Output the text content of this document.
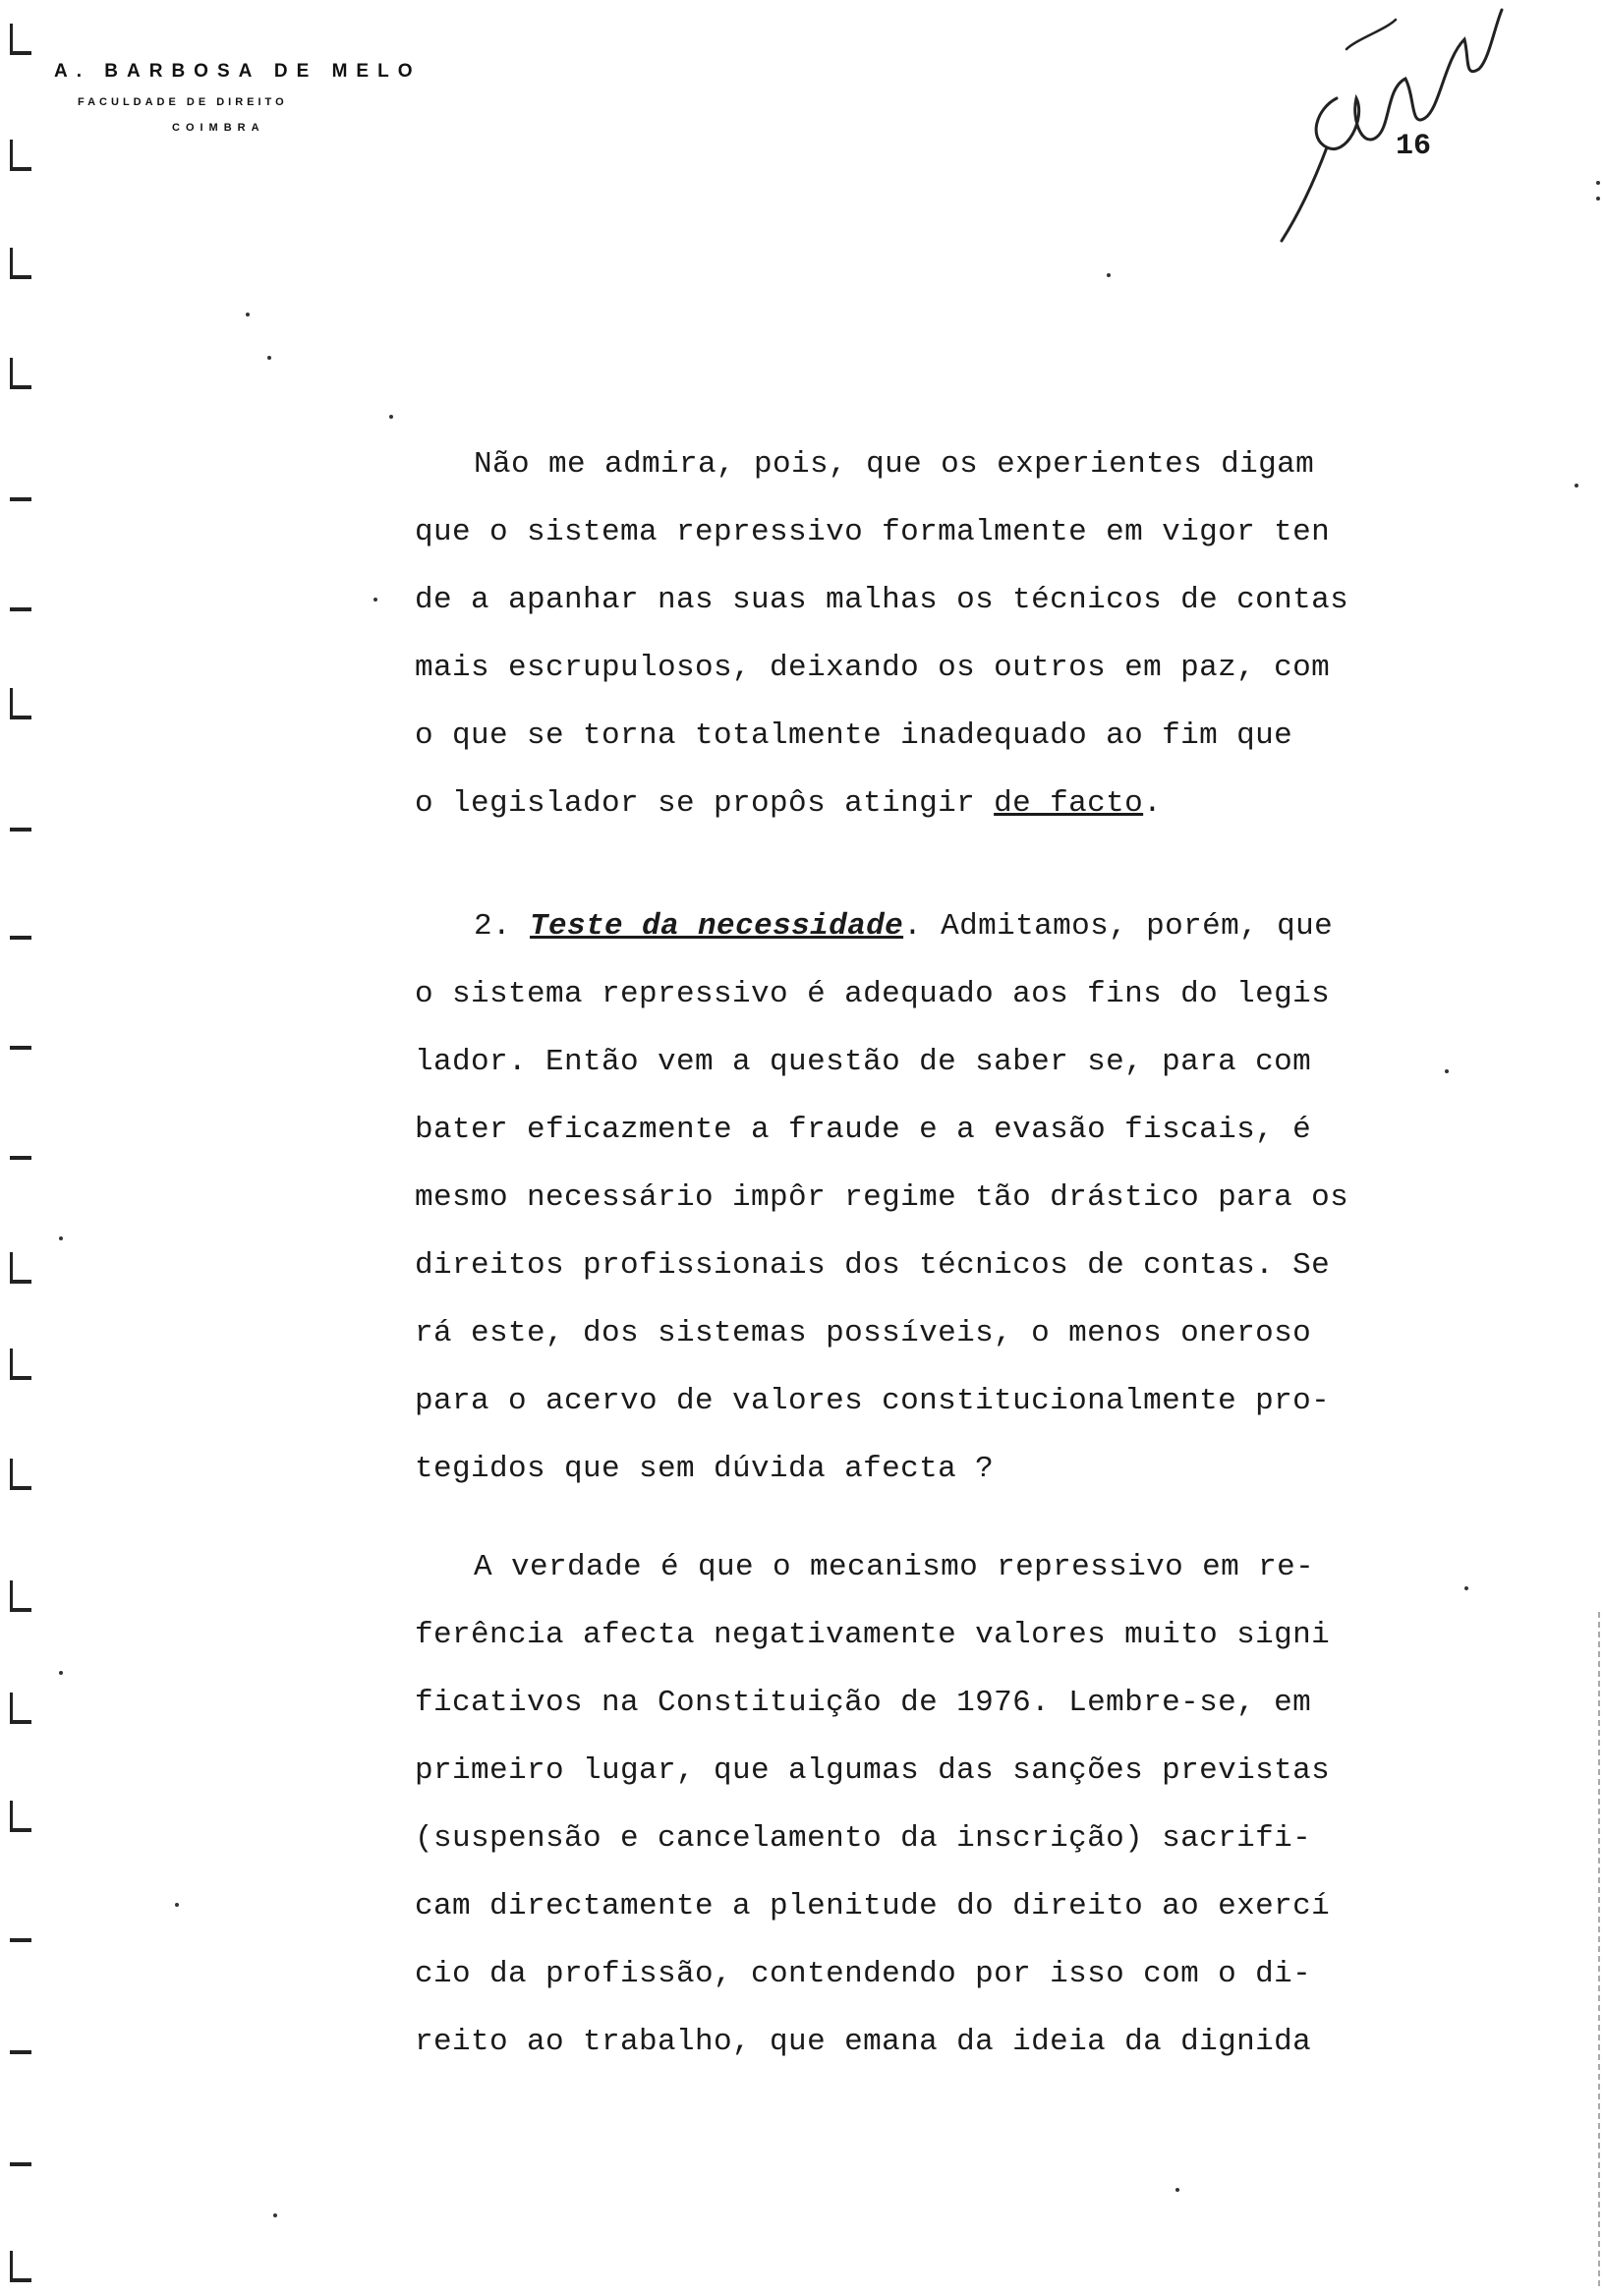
A. BARBOSA DE MELO
FACULDADE DE DIREITO
COIMBRA
16
Não me admira, pois, que os experientes digam
que o sistema repressivo formalmente em vigor ten
de a apanhar nas suas malhas os técnicos de contas
mais escrupulosos, deixando os outros em paz, com
o que se torna totalmente inadequado ao fim que
o legislador se propôs atingir de facto.
2. Teste da necessidade. Admitamos, porém, que
o sistema repressivo é adequado aos fins do legis
lador. Então vem a questão de saber se, para com
bater eficazmente a fraude e a evasão fiscais, é
mesmo necessário impôr regime tão drástico para os
direitos profissionais dos técnicos de contas. Se
rá este, dos sistemas possíveis, o menos oneroso
para o acervo de valores constitucionalmente pro-
tegidos que sem dúvida afecta ?
A verdade é que o mecanismo repressivo em re-
ferência afecta negativamente valores muito signi
ficativos na Constituição de 1976. Lembre-se, em
primeiro lugar, que algumas das sanções previstas
(suspensão e cancelamento da inscrição) sacrifi-
cam directamente a plenitude do direito ao exercí
cio da profissão, contendendo por isso com o di-
reito ao trabalho, que emana da ideia da dignida
